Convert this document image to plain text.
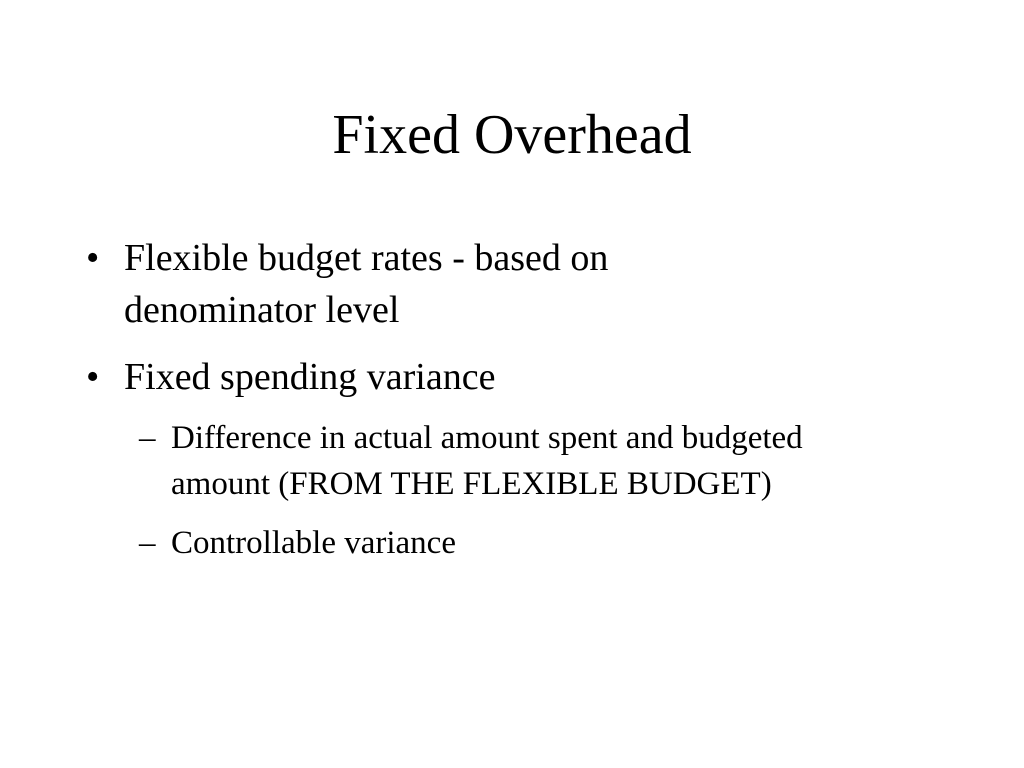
Fixed Overhead
• Flexible budget rates - based on
denominator level
• Fixed spending variance
– Difference in actual amount spent and budgeted
amount (FROM THE FLEXIBLE BUDGET)
– Controllable variance
